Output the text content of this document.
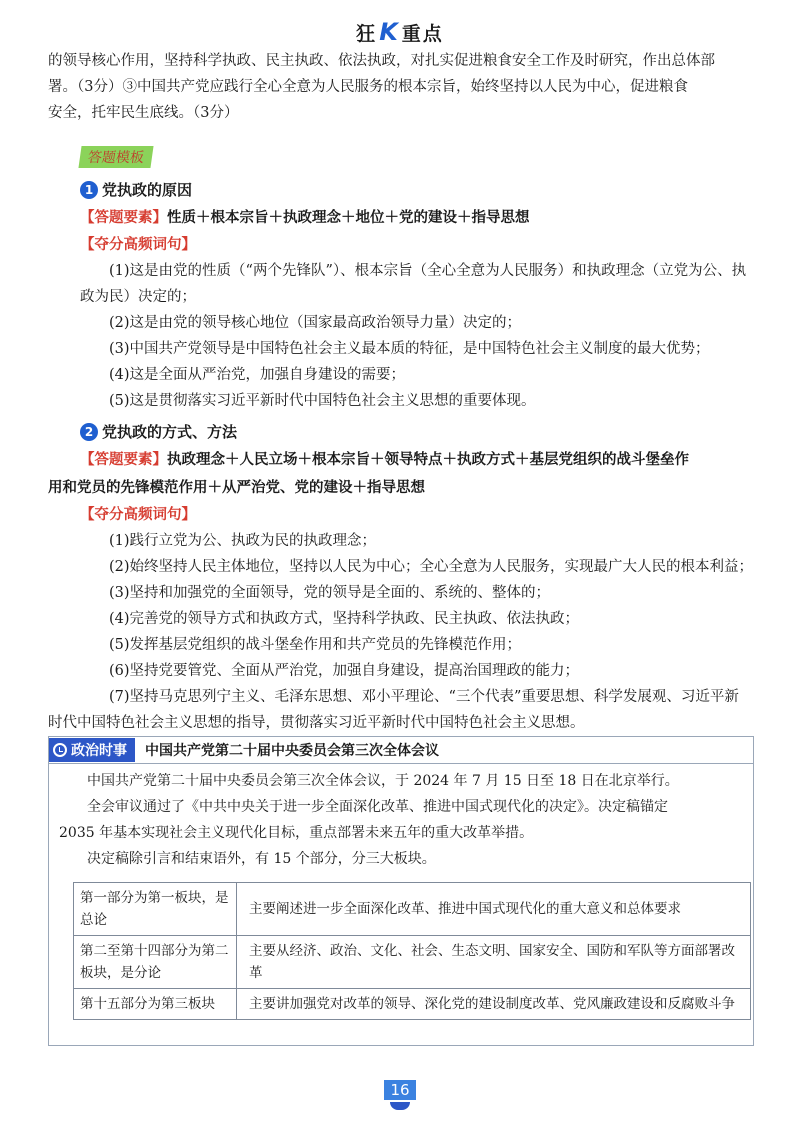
狂K 重点

的领导核心作用，坚持科学执政、民主执政、依法执政，对扎实促进粮食安全工作及时研究，作出总体部

署。（3分）③中国共产党应践行全心全意为人民服务的根本宗旨，始终坚持以人民为中心，促进粮食

安全，托牢民生底线。（3分）

答题模板
1 党执政的原因
【答题要素】性质＋根本宗旨＋执政理念＋地位＋党的建设＋指导思想
【夺分高频词句】

(1)这是由党的性质（“两个先锋队”）、根本宗旨（全心全意为人民服务）和执政理念（立党为公、执

政为民）决定的；

(2)这是由党的领导核心地位（国家最高政治领导力量）决定的；

(3)中国共产党领导是中国特色社会主义最本质的特征，是中国特色社会主义制度的最大优势；

(4)这是全面从严治党，加强自身建设的需要；

(5)这是贯彻落实习近平新时代中国特色社会主义思想的重要体现。

2 党执政的方式、方法
【答题要素】执政理念＋人民立场＋根本宗旨＋领导特点＋执政方式＋基层党组织的战斗堡垒作
用和党员的先锋模范作用＋从严治党、党的建设＋指导思想
【夺分高频词句】

(1)践行立党为公、执政为民的执政理念；

(2)始终坚持人民主体地位，坚持以人民为中心；全心全意为人民服务，实现最广大人民的根本利益；

(3)坚持和加强党的全面领导，党的领导是全面的、系统的、整体的；

(4)完善党的领导方式和执政方式，坚持科学执政、民主执政、依法执政；

(5)发挥基层党组织的战斗堡垒作用和共产党员的先锋模范作用；

(6)坚持党要管党、全面从严治党，加强自身建设，提高治国理政的能力；

(7)坚持马克思列宁主义、毛泽东思想、邓小平理论、“三个代表”重要思想、科学发展观、习近平新

时代中国特色社会主义思想的指导，贯彻落实习近平新时代中国特色社会主义思想。

政治时事 中国共产党第二十届中央委员会第三次全体会议

中国共产党第二十届中央委员会第三次全体会议，于 2024 年 7 月 15 日至 18 日在北京举行。

全会审议通过了《中共中央关于进一步全面深化改革、推进中国式现代化的决定》。决定稿锚定

2035 年基本实现社会主义现代化目标，重点部署未来五年的重大改革举措。

决定稿除引言和结束语外，有 15 个部分，分三大板块。

第一部分为第一板块，是总论	主要阐述进一步全面深化改革、推进中国式现代化的重大意义和总体要求
第二至第十四部分为第二板块，是分论	主要从经济、政治、文化、社会、生态文明、国家安全、国防和军队等方面部署改革
第十五部分为第三板块	主要讲加强党对改革的领导、深化党的建设制度改革、党风廉政建设和反腐败斗争
16
